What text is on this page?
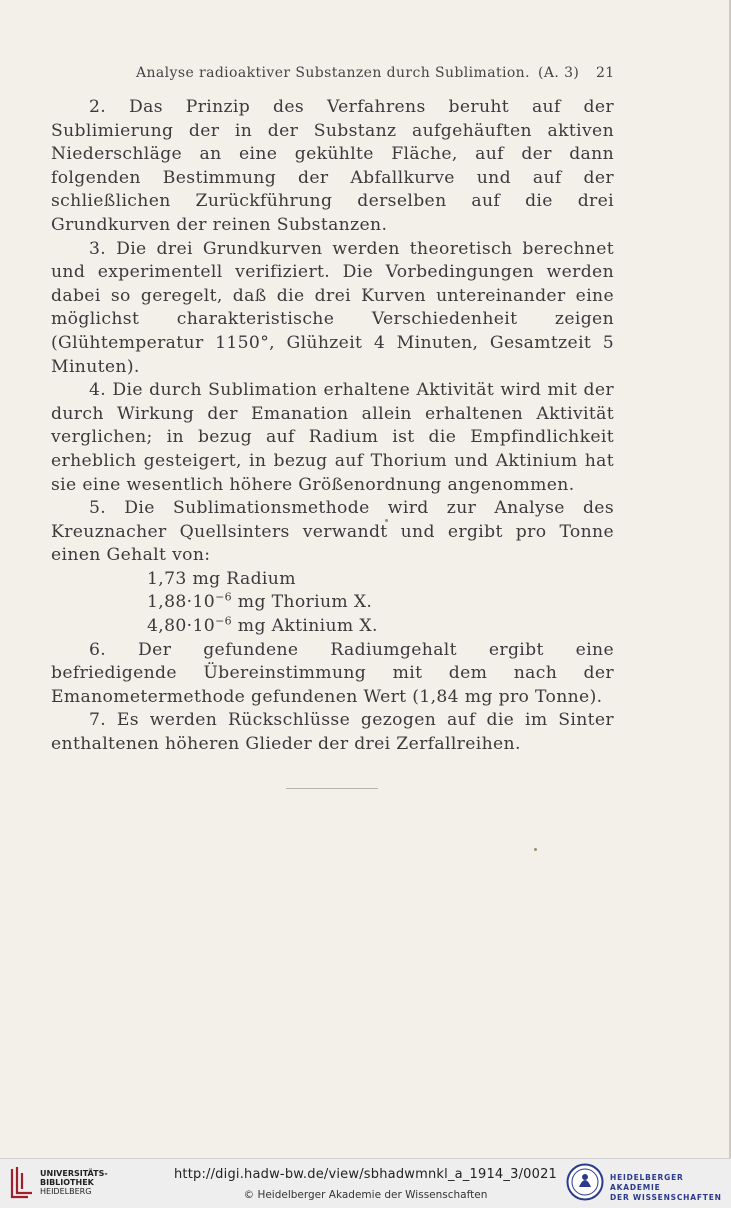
Analyse radioaktiver Substanzen durch Sublimation. (A. 3) 21

2. Das Prinzip des Verfahrens beruht auf der Sublimierung der in der Substanz aufgehäuften aktiven Niederschläge an eine gekühlte Fläche, auf der dann folgenden Bestimmung der Abfallkurve und auf der schließlichen Zurückführung derselben auf die drei Grundkurven der reinen Substanzen.

3. Die drei Grundkurven werden theoretisch berechnet und experimentell verifiziert. Die Vorbedingungen werden dabei so geregelt, daß die drei Kurven untereinander eine möglichst charakteristische Verschiedenheit zeigen (Glühtemperatur 1150°, Glühzeit 4 Minuten, Gesamtzeit 5 Minuten).

4. Die durch Sublimation erhaltene Aktivität wird mit der durch Wirkung der Emanation allein erhaltenen Aktivität verglichen; in bezug auf Radium ist die Empfindlichkeit erheblich gesteigert, in bezug auf Thorium und Aktinium hat sie eine wesentlich höhere Größenordnung angenommen.

5. Die Sublimationsmethode wird zur Analyse des Kreuznacher Quellsinters verwandt und ergibt pro Tonne einen Gehalt von:

1,73 mg Radium

$1,88\cdot 10^{-6}$ mg Thorium X.

$4,80\cdot 10^{-6}$ mg Aktinium X.

6. Der gefundene Radiumgehalt ergibt eine befriedigende Übereinstimmung mit dem nach der Emanometermethode gefundenen Wert (1,84 mg pro Tonne).

7. Es werden Rückschlüsse gezogen auf die im Sinter enthaltenen höheren Glieder der drei Zerfallreihen.

UNIVERSITÄTS-
BIBLIOTHEK
HEIDELBERG
http://digi.hadw-bw.de/view/sbhadwmnkl_a_1914_3/0021
© Heidelberger Akademie der Wissenschaften
HEIDELBERGER AKADEMIE
DER WISSENSCHAFTEN
